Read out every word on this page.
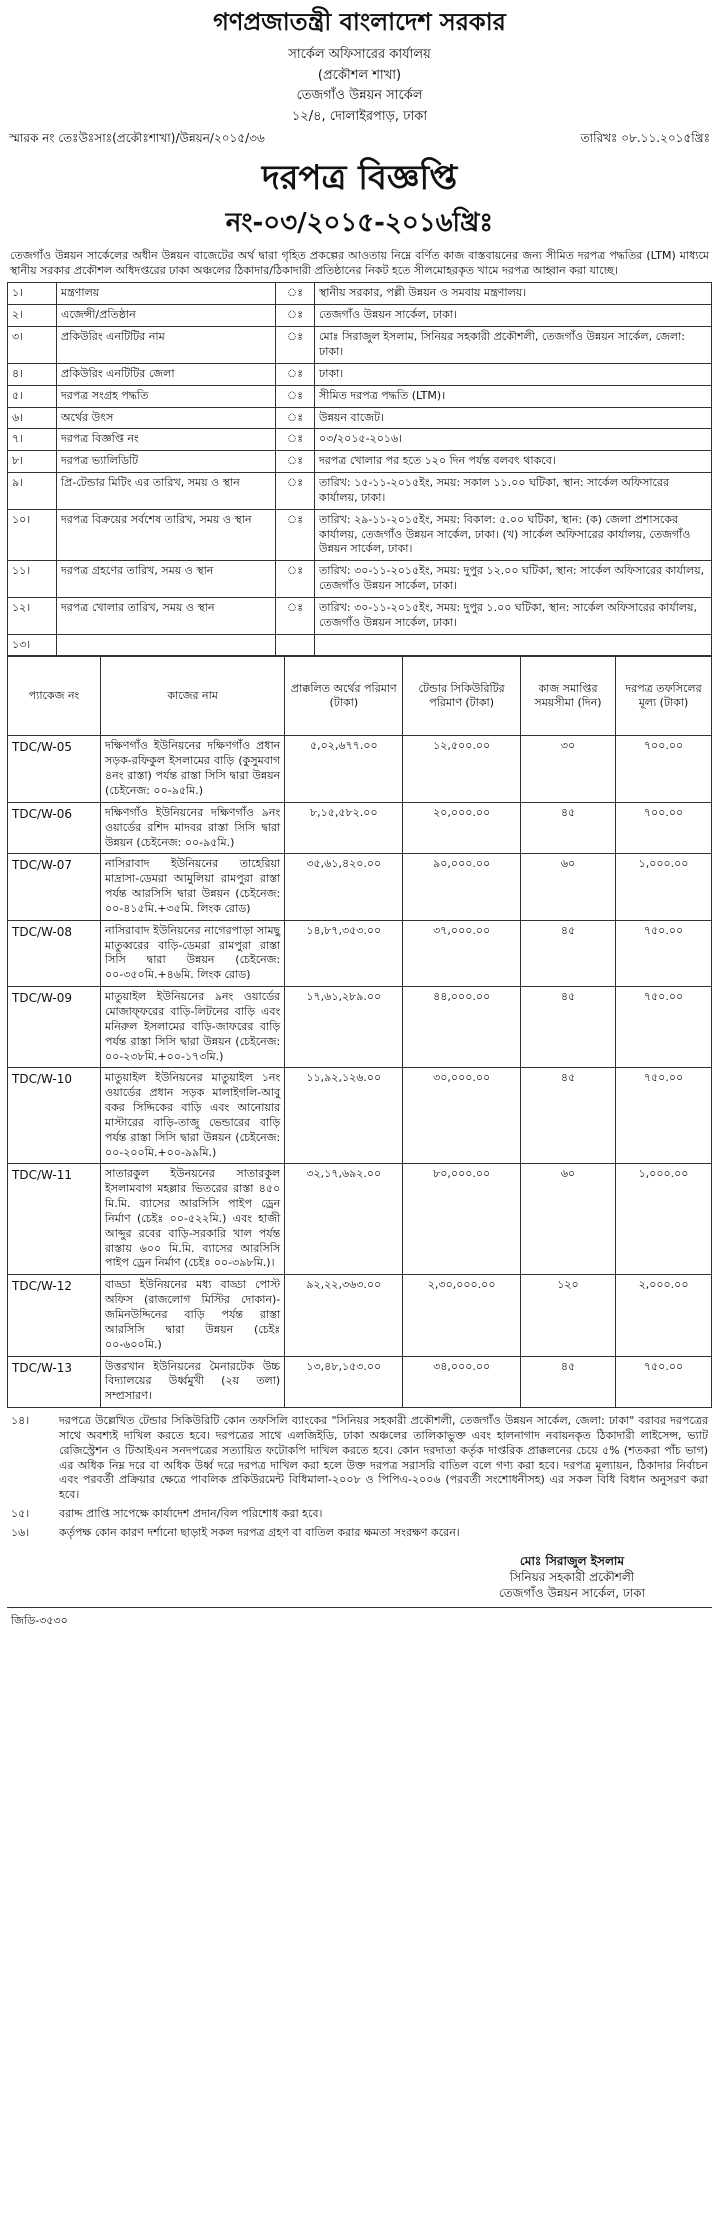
গণপ্রজাতন্ত্রী বাংলাদেশ সরকার
সার্কেল অফিসারের কার্যালয়
(প্রকৌশল শাখা)
তেজগাঁও উন্নয়ন সার্কেল
১২/৪, দোলাইরপাড়, ঢাকা
স্মারক নং তেঃউঃসাঃ(প্রকৌঃশাখা)/উন্নয়ন/২০১৫/৩৬	তারিখঃ ০৮.১১.২০১৫খ্রিঃ
দরপত্র বিজ্ঞপ্তি
নং-০৩/২০১৫-২০১৬খ্রিঃ
তেজগাঁও উন্নয়ন সার্কেলের অধীন উন্নয়ন বাজেটের অর্থ দ্বারা গৃহিত প্রকল্পের আওতায় নিম্নে বর্ণিত কাজ বাস্তবায়নের জন্য সীমিত দরপত্র পদ্ধতির (LTM) মাধ্যমে স্থানীয় সরকার প্রকৌশল অধিদপ্তরের ঢাকা অঞ্চলের ঠিকাদার/ঠিকাদারী প্রতিষ্ঠানের নিকট হতে সীলমোহরকৃত খামে দরপত্র আহ্বান করা যাচ্ছে।
১।	মন্ত্রণালয়	ঃ	স্থানীয় সরকার, পল্লী উন্নয়ন ও সমবায় মন্ত্রণালয়।
২।	এজেন্সী/প্রতিষ্ঠান	ঃ	তেজগাঁও উন্নয়ন সার্কেল, ঢাকা।
৩।	প্রকিউরিং এনটিটির নাম	ঃ	মোঃ সিরাজুল ইসলাম, সিনিয়র সহকারী প্রকৌশলী, তেজগাঁও উন্নয়ন সার্কেল, জেলা: ঢাকা।
৪।	প্রকিউরিং এনটিটির জেলা	ঃ	ঢাকা।
৫।	দরপত্র সংগ্রহ পদ্ধতি	ঃ	সীমিত দরপত্র পদ্ধতি (LTM)।
৬।	অর্থের উৎস	ঃ	উন্নয়ন বাজেট।
৭।	দরপত্র বিজ্ঞপ্তি নং	ঃ	০৩/২০১৫-২০১৬।
৮।	দরপত্র ভ্যালিডিটি	ঃ	দরপত্র খোলার পর হতে ১২০ দিন পর্যন্ত বলবৎ থাকবে।
৯।	প্রি-টেন্ডার মিটিং এর তারিখ, সময় ও স্থান	ঃ	তারিখ: ১৫-১১-২০১৫ইং, সময়: সকাল ১১.০০ ঘটিকা, স্থান: সার্কেল অফিসারের কার্যালয়, ঢাকা।
১০।	দরপত্র বিক্রয়ের সর্বশেষ তারিখ, সময় ও স্থান	ঃ	তারিখ: ২৯-১১-২০১৫ইং, সময়: বিকাল: ৫.০০ ঘটিকা, স্থান: (ক) জেলা প্রশাসকের কার্যালয়, তেজগাঁও উন্নয়ন সার্কেল, ঢাকা। (খ) সার্কেল অফিসারের কার্যালয়, তেজগাঁও উন্নয়ন সার্কেল, ঢাকা।
১১।	দরপত্র গ্রহণের তারিখ, সময় ও স্থান	ঃ	তারিখ: ৩০-১১-২০১৫ইং, সময়: দুপুর ১২.০০ ঘটিকা, স্থান: সার্কেল অফিসারের কার্যালয়, তেজগাঁও উন্নয়ন সার্কেল, ঢাকা।
১২।	দরপত্র খোলার তারিখ, সময় ও স্থান	ঃ	তারিখ: ৩০-১১-২০১৫ইং, সময়: দুপুর ১.০০ ঘটিকা, স্থান: সার্কেল অফিসারের কার্যালয়, তেজগাঁও উন্নয়ন সার্কেল, ঢাকা।
১৩।			
প্যাকেজ নং	কাজের নাম	প্রাক্কলিত অর্থের পরিমাণ (টাকা)	টেন্ডার সিকিউরিটির পরিমাণ (টাকা)	কাজ সমাপ্তির সময়সীমা (দিন)	দরপত্র তফসিলের মূল্য (টাকা)
TDC/W-05	দক্ষিণগাঁও ইউনিয়নের দক্ষিণগাঁও প্রধান সড়ক-রফিকুল ইসলামের বাড়ি (কুসুমবাগ ৪নং রাস্তা) পর্যন্ত রাস্তা সিসি দ্বারা উন্নয়ন (চেইনেজ: ০০-৯৫মি.)	৫,০২,৬৭৭.০০	১২,৫০০.০০	৩০	৭০০.০০
TDC/W-06	দক্ষিণগাঁও ইউনিয়নের দক্ষিণগাঁও ৯নং ওয়ার্ডের রশিদ মাদবর রাস্তা সিসি দ্বারা উন্নয়ন (চেইনেজ: ০০-৯৫মি.)	৮,১৫,৫৮২.০০	২০,০০০.০০	৪৫	৭০০.০০
TDC/W-07	নাসিরাবাদ ইউনিয়নের তাহেরিয়া মাদ্রাসা-ডেমরা আমুলিয়া রামপুরা রাস্তা পর্যন্ত আরসিসি দ্বারা উন্নয়ন (চেইনেজ: ০০-৪১৫মি.+৩৫মি. লিংক রোড)	৩৫,৬১,৪২০.০০	৯০,০০০.০০	৬০	১,০০০.০০
TDC/W-08	নাসিরাবাদ ইউনিয়নের নাগেরপাড়া সামছু মাতুব্বরের বাড়ি-ডেমরা রামপুরা রাস্তা সিসি দ্বারা উন্নয়ন (চেইনেজ: ০০-৩৫০মি.+৪৬মি. লিংক রোড)	১৪,৮৭,৩৫৩.০০	৩৭,০০০.০০	৪৫	৭৫০.০০
TDC/W-09	মাতুয়াইল ইউনিয়নের ৯নং ওয়ার্ডের মোজাফ্ফরের বাড়ি-লিটনের বাড়ি এবং মনিরুল ইসলামের বাড়ি-জাফরের বাড়ি পর্যন্ত রাস্তা সিসি দ্বারা উন্নয়ন (চেইনেজ: ০০-২৩৮মি.+০০-১৭৩মি.)	১৭,৬১,২৮৯.০০	৪৪,০০০.০০	৪৫	৭৫০.০০
TDC/W-10	মাতুয়াইল ইউনিয়নের মাতুয়াইল ১নং ওয়ার্ডের প্রধান সড়ক মালাইগলি-আবু বকর সিদ্দিকের বাড়ি এবং আনোয়ার মাস্টারের বাড়ি-তাজু ভেন্ডারের বাড়ি পর্যন্ত রাস্তা সিসি দ্বারা উন্নয়ন (চেইনেজ: ০০-২০০মি.+০০-৯৯মি.)	১১,৯২,১২৬.০০	৩০,০০০.০০	৪৫	৭৫০.০০
TDC/W-11	সাতারকুল ইউনয়নের সাতারকুল ইসলামবাগ মহল্লার ভিতরের রাস্তা ৪৫০ মি.মি. ব্যাসের আরসিসি পাইপ ড্রেন নির্মাণ (চেইঃ ০০-৫২২মি.) এবং হাজী আব্দুর রবের বাড়ি-সরকারি খাল পর্যন্ত রাস্তায় ৬০০ মি.মি. ব্যাসের আরসিসি পাইপ ড্রেন নির্মাণ (চেইঃ ০০-৩৯৮মি.)।	৩২,১৭,৬৯২.০০	৮০,০০০.০০	৬০	১,০০০.০০
TDC/W-12	বাড্ডা ইউনিয়নের মধ্য বাড্ডা পোস্ট অফিস (রাজলোগ মিস্টির দোকান)-জমিনউদ্দিনের বাড়ি পর্যন্ত রাস্তা আরসিসি দ্বারা উন্নয়ন (চেইঃ ০০-৬০০মি.)	৯২,২২,৩৬৩.০০	২,৩০,০০০.০০	১২০	২,০০০.০০
TDC/W-13	উত্তরখান ইউনিয়নের মৈনারটেক উচ্চ বিদ্যালয়ের উর্ধ্বমুখী (২য় তলা) সম্প্রসারণ।	১৩,৪৮,১৫৩.০০	৩৪,০০০.০০	৪৫	৭৫০.০০
১৪।	দরপত্রে উল্লেখিত টেন্ডার সিকিউরিটি কোন তফসিলি ব্যাংকের "সিনিয়র সহকারী প্রকৌশলী, তেজগাঁও উন্নয়ন সার্কেল, জেলা: ঢাকা" বরাবর দরপত্রের সাথে অবশ্যই দাখিল করতে হবে। দরপত্রের সাথে এলজিইডি, ঢাকা অঞ্চলের তালিকাভুক্ত এবং হালনাগাদ নবায়নকৃত ঠিকাদারী লাইসেন্স, ভ্যাট রেজিস্ট্রেশন ও টিআইএন সনদপত্রের সত্যায়িত ফটোকপি দাখিল করতে হবে। কোন দরদাতা কর্তৃক দাপ্তরিক প্রাক্কলনের চেয়ে ৫% (শতকরা পাঁচ ভাগ) এর অধিক নিম্ন দরে বা অধিক উর্ধ্ব দরে দরপত্র দাখিল করা হলে উক্ত দরপত্র সরাসরি বাতিল বলে গণ্য করা হবে। দরপত্র মূল্যায়ন, ঠিকাদার নির্বাচন এবং পরবর্তী প্রক্রিয়ার ক্ষেত্রে পাবলিক প্রকিউরমেন্ট বিধিমালা-২০০৮ ও পিপিএ-২০০৬ (পরবর্তী সংশোধনীসহ) এর সকল বিধি বিধান অনুসরণ করা হবে।
১৫।	বরাদ্দ প্রাপ্তি সাপেক্ষে কার্যাদেশ প্রদান/বিল পরিশোধ করা হবে।
১৬।	কর্তৃপক্ষ কোন কারণ দর্শানো ছাড়াই সকল দরপত্র গ্রহণ বা বাতিল করার ক্ষমতা সংরক্ষণ করেন।
মোঃ সিরাজুল ইসলাম
সিনিয়র সহকারী প্রকৌশলী
তেজগাঁও উন্নয়ন সার্কেল, ঢাকা
জিডি-৩৫৩০
